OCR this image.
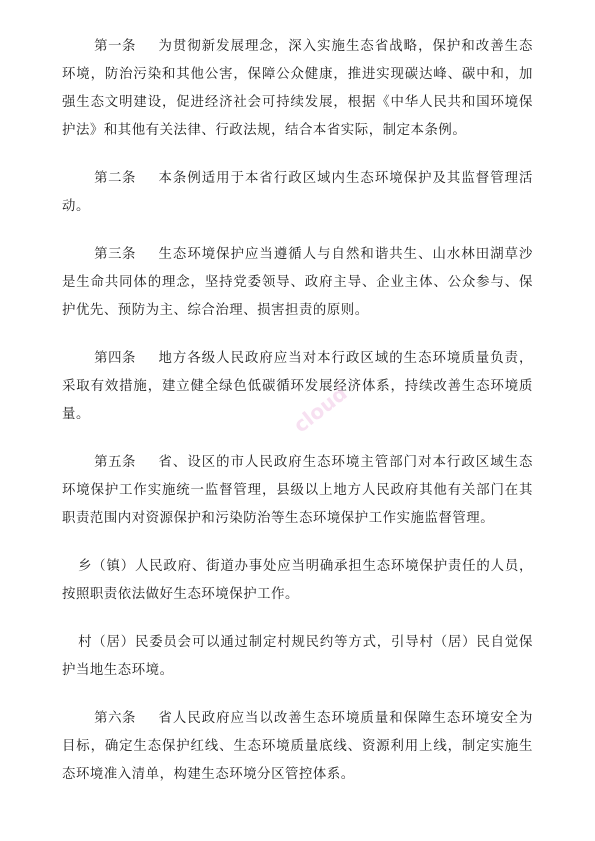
第一条 为贯彻新发展理念，深入实施生态省战略，保护和改善生态环境，防治污染和其他公害，保障公众健康，推进实现碳达峰、碳中和，加强生态文明建设，促进经济社会可持续发展，根据《中华人民共和国环境保护法》和其他有关法律、行政法规，结合本省实际，制定本条例。

第二条 本条例适用于本省行政区域内生态环境保护及其监督管理活动。

第三条 生态环境保护应当遵循人与自然和谐共生、山水林田湖草沙是生命共同体的理念，坚持党委领导、政府主导、企业主体、公众参与、保护优先、预防为主、综合治理、损害担责的原则。

第四条 地方各级人民政府应当对本行政区域的生态环境质量负责，采取有效措施，建立健全绿色低碳循环发展经济体系，持续改善生态环境质量。

第五条 省、设区的市人民政府生态环境主管部门对本行政区域生态环境保护工作实施统一监督管理，县级以上地方人民政府其他有关部门在其职责范围内对资源保护和污染防治等生态环境保护工作实施监督管理。

乡（镇）人民政府、街道办事处应当明确承担生态环境保护责任的人员，按照职责依法做好生态环境保护工作。

村（居）民委员会可以通过制定村规民约等方式，引导村（居）民自觉保护当地生态环境。

第六条 省人民政府应当以改善生态环境质量和保障生态环境安全为目标，确定生态保护红线、生态环境质量底线、资源利用上线，制定实施生态环境准入清单，构建生态环境分区管控体系。

cloud
